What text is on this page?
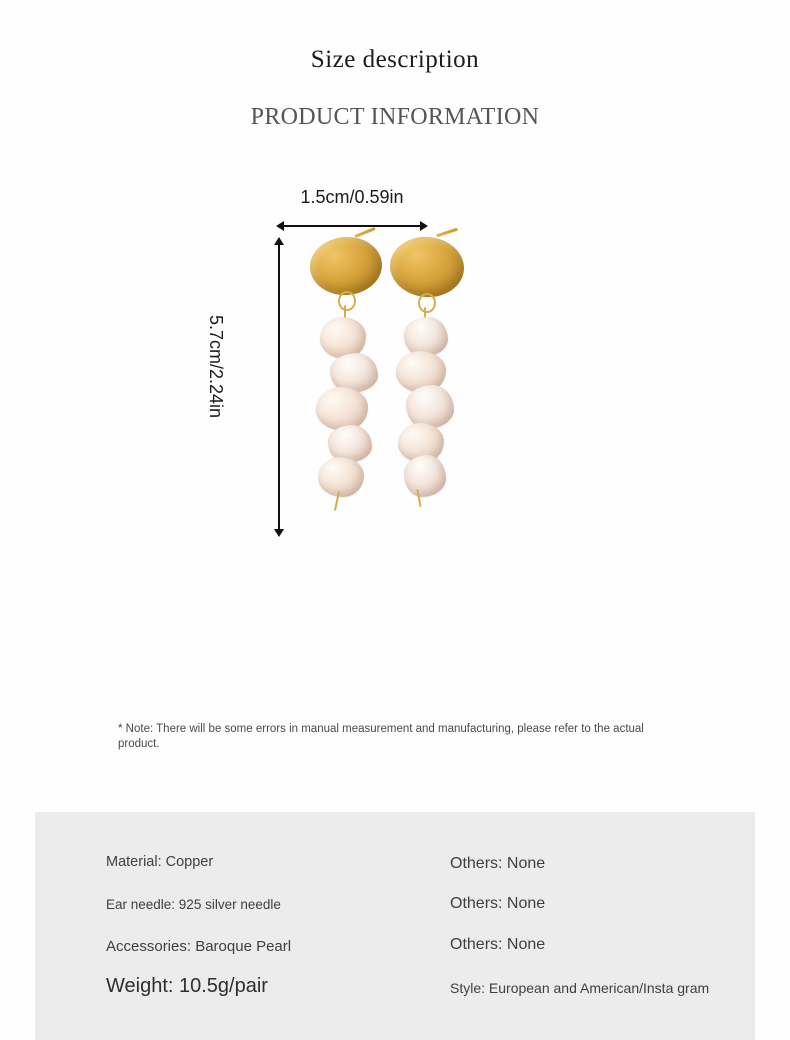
Size description
PRODUCT INFORMATION
1.5cm/0.59in
5.7cm/2.24in
* Note: There will be some errors in manual measurement and manufacturing, please refer to the actual product.
Material: Copper
Ear needle: 925 silver needle
Accessories: Baroque Pearl
Weight: 10.5g/pair
Others: None
Others: None
Others: None
Style: European and American/Insta gram
